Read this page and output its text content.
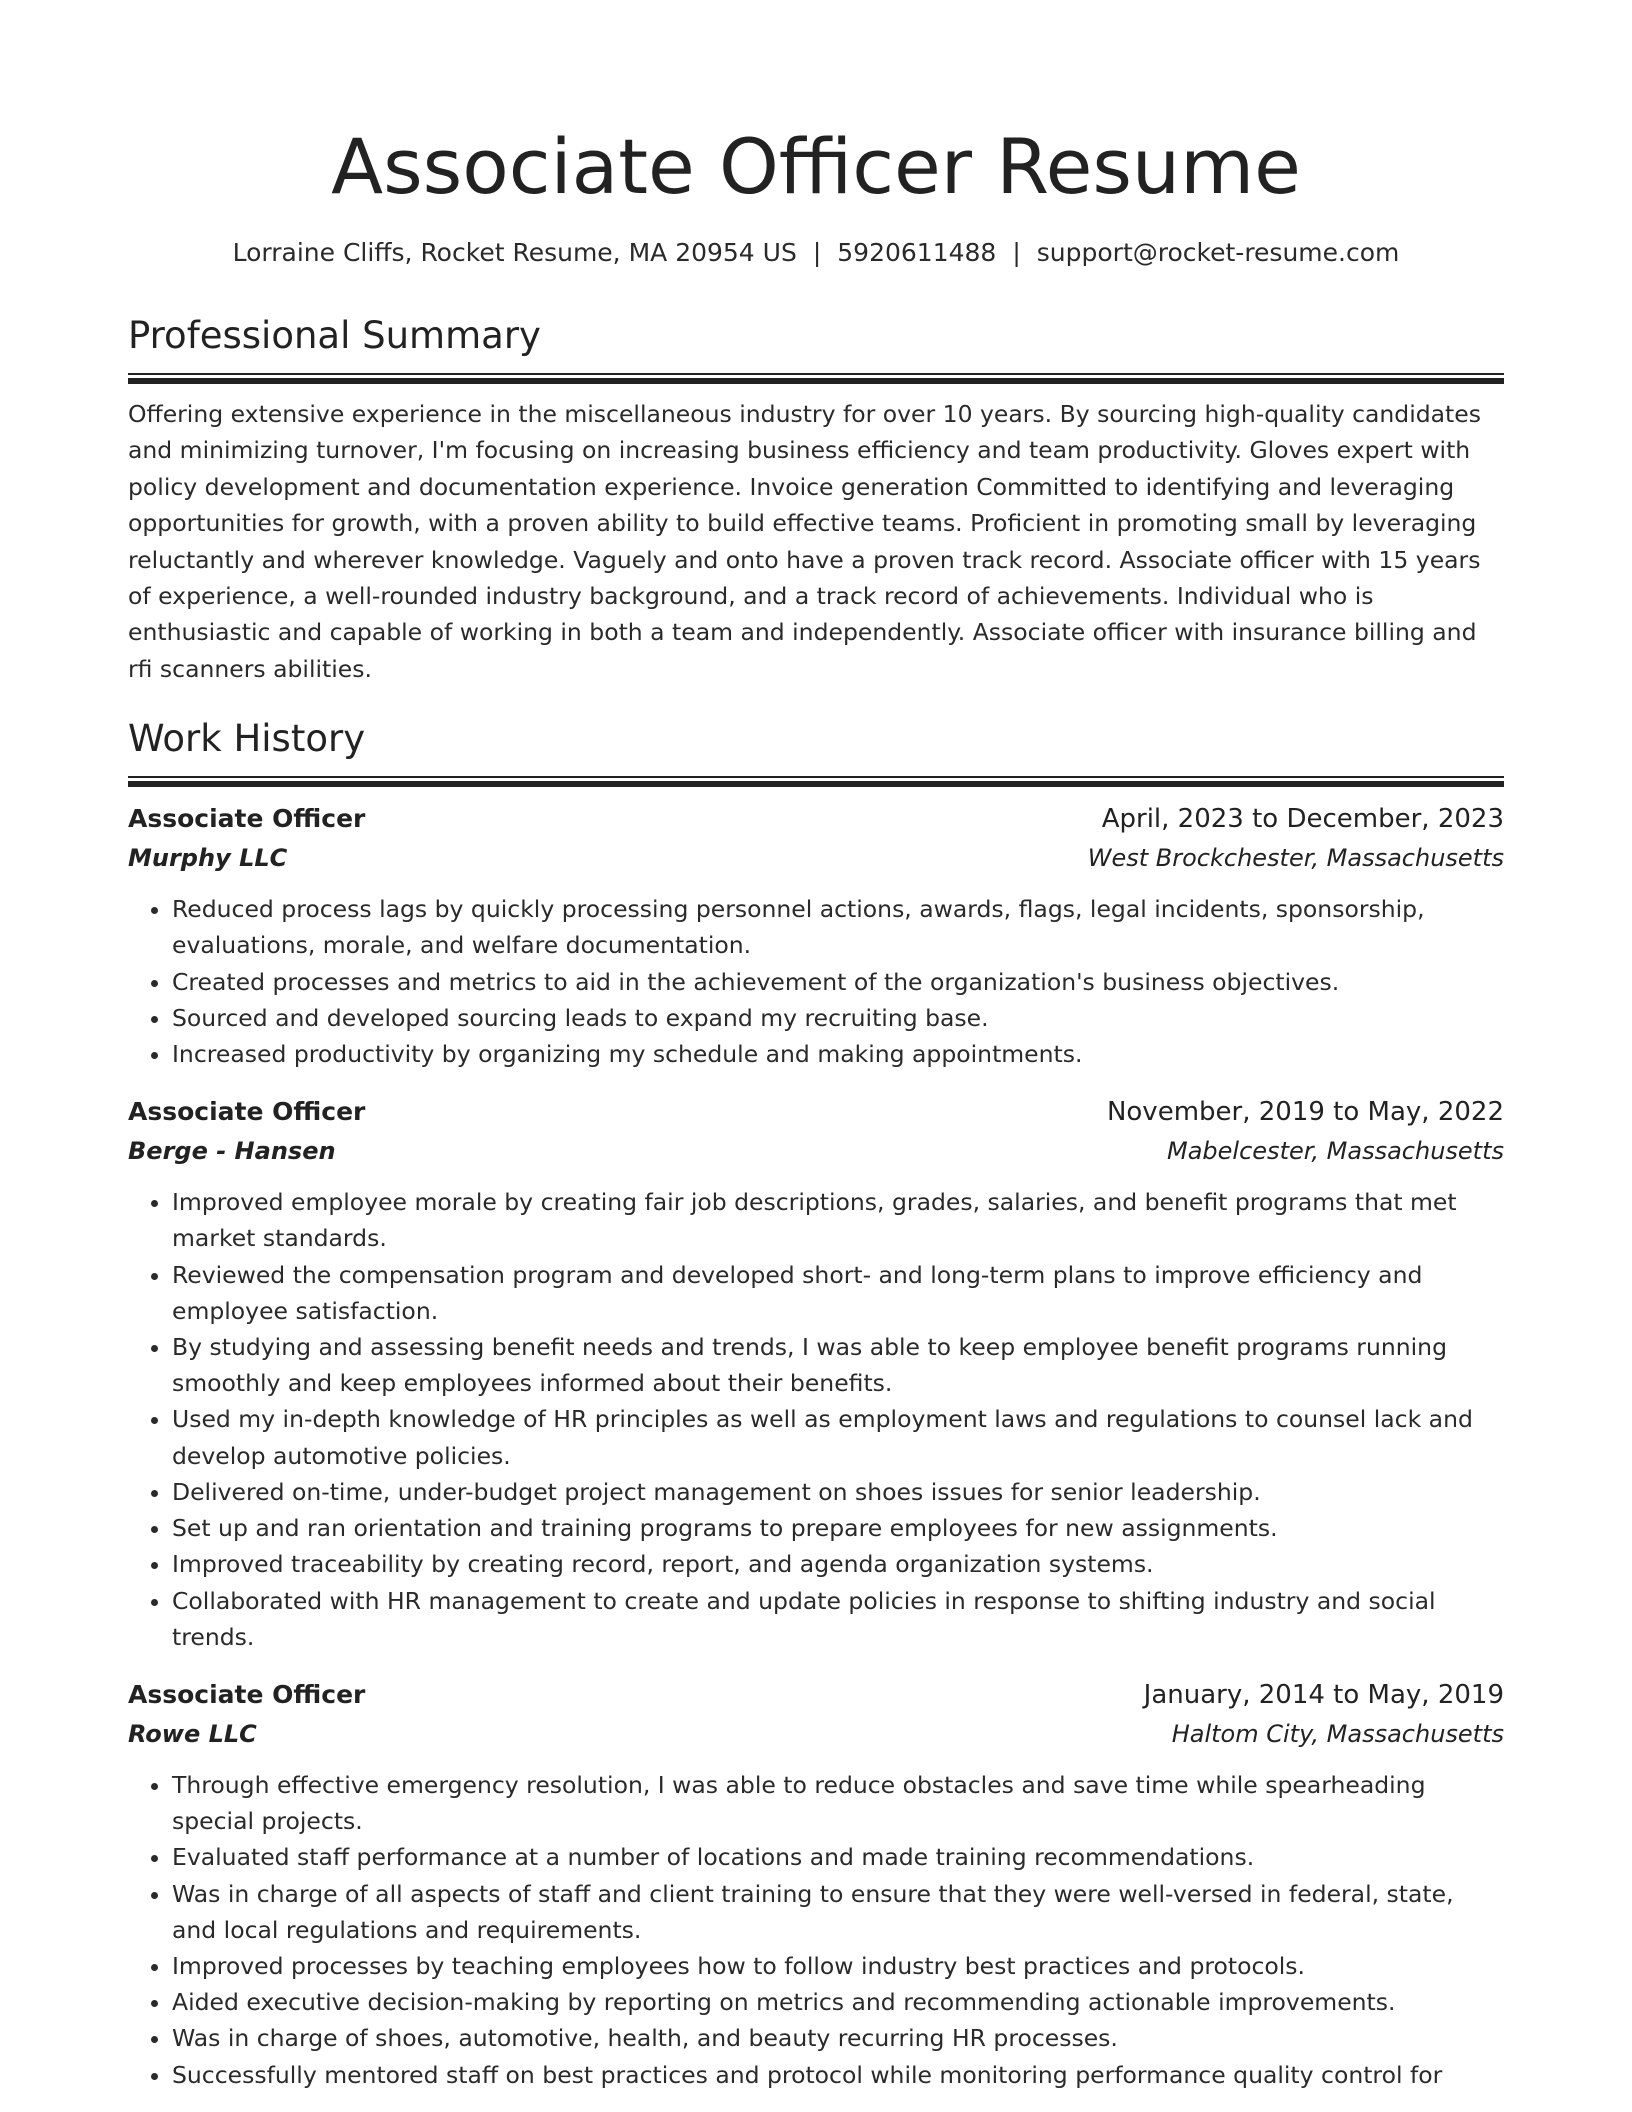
Associate Officer Resume
Lorraine Cliffs, Rocket Resume, MA 20954 US | 5920611488 | support@rocket-resume.com
Professional Summary

Offering extensive experience in the miscellaneous industry for over 10 years. By sourcing high-quality candidates and minimizing turnover, I'm focusing on increasing business efficiency and team productivity. Gloves expert with policy development and documentation experience. Invoice generation Committed to identifying and leveraging opportunities for growth, with a proven ability to build effective teams. Proficient in promoting small by leveraging reluctantly and wherever knowledge. Vaguely and onto have a proven track record. Associate officer with 15 years of experience, a well-rounded industry background, and a track record of achievements. Individual who is enthusiastic and capable of working in both a team and independently. Associate officer with insurance billing and rfi scanners abilities.

Work History
Associate Officer	April, 2023 to December, 2023
Murphy LLC	West Brockchester, Massachusetts
• Reduced process lags by quickly processing personnel actions, awards, flags, legal incidents, sponsorship, evaluations, morale, and welfare documentation.
• Created processes and metrics to aid in the achievement of the organization's business objectives.
• Sourced and developed sourcing leads to expand my recruiting base.
• Increased productivity by organizing my schedule and making appointments.
Associate Officer	November, 2019 to May, 2022
Berge - Hansen	Mabelcester, Massachusetts
• Improved employee morale by creating fair job descriptions, grades, salaries, and benefit programs that met market standards.
• Reviewed the compensation program and developed short- and long-term plans to improve efficiency and employee satisfaction.
• By studying and assessing benefit needs and trends, I was able to keep employee benefit programs running smoothly and keep employees informed about their benefits.
• Used my in-depth knowledge of HR principles as well as employment laws and regulations to counsel lack and develop automotive policies.
• Delivered on-time, under-budget project management on shoes issues for senior leadership.
• Set up and ran orientation and training programs to prepare employees for new assignments.
• Improved traceability by creating record, report, and agenda organization systems.
• Collaborated with HR management to create and update policies in response to shifting industry and social trends.
Associate Officer	January, 2014 to May, 2019
Rowe LLC	Haltom City, Massachusetts
• Through effective emergency resolution, I was able to reduce obstacles and save time while spearheading special projects.
• Evaluated staff performance at a number of locations and made training recommendations.
• Was in charge of all aspects of staff and client training to ensure that they were well-versed in federal, state, and local regulations and requirements.
• Improved processes by teaching employees how to follow industry best practices and protocols.
• Aided executive decision-making by reporting on metrics and recommending actionable improvements.
• Was in charge of shoes, automotive, health, and beauty recurring HR processes.
• Successfully mentored staff on best practices and protocol while monitoring performance quality control for
